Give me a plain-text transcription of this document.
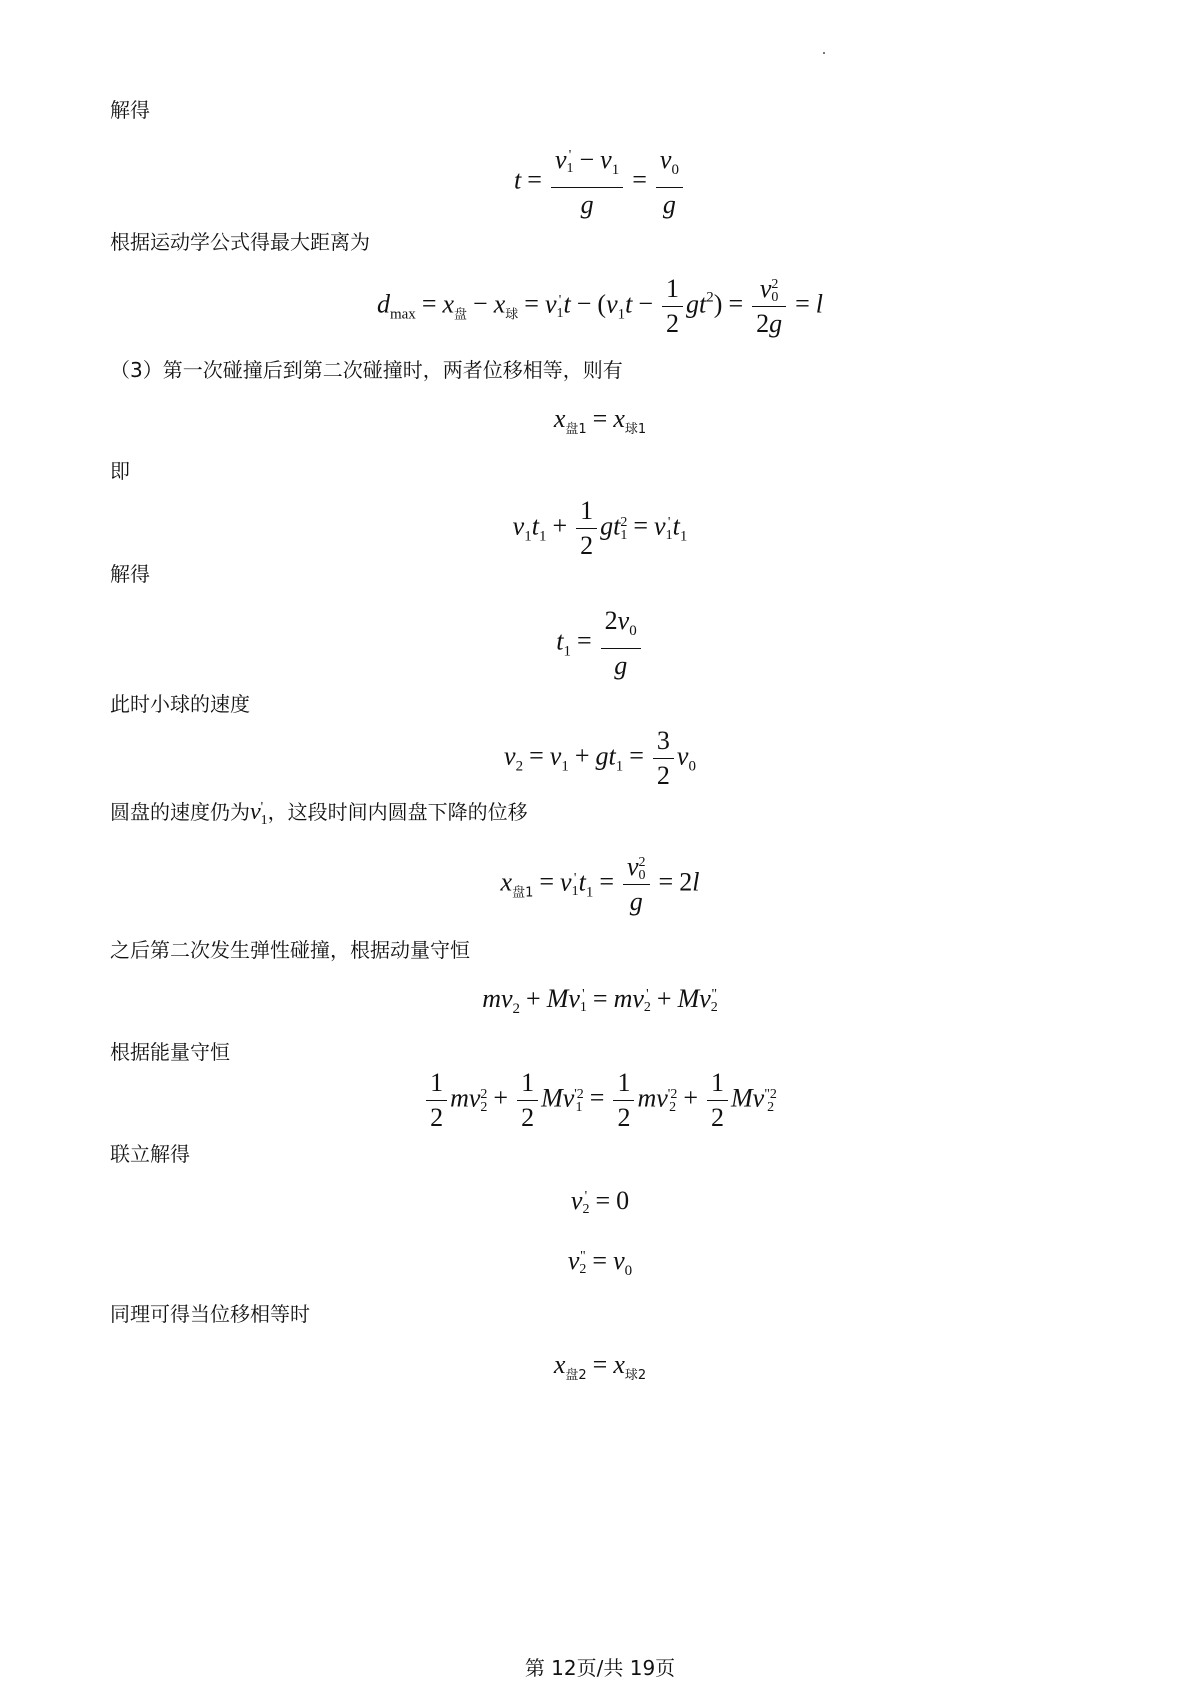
解得
t = v '
$1 - v_1$
$g = \frac{v_0}{g}$
根据运动学公式得最大距离为
$d_{max} = x_盘 - x_球 = v$ '
1 $t - (v_1t - \frac{1}{2} gt^2) = v$ 2
0
2g = l
（3）第一次碰撞后到第二次碰撞时，两者位移相等，则有
$x_{盘1} = x_{球1}$
即
$v_1t_1 + \frac{1}{2}$ gt 2
1 = v '
1 $t_1$
解得
$t_1 = \frac{2v_0}{g}$
此时小球的速度
$v_2 = v_1 + gt_1 = \frac{3}{2} v_0$
圆盘的速度仍为v '
1 ，这段时间内圆盘下降的位移
$x_{盘1} = v$ '
1 $t_1 = v$ 2
0
g = 2l
之后第二次发生弹性碰撞，根据动量守恒
$mv_2 + Mv$ '
1 = mv '
2 + Mv "
2
根据能量守恒
$\frac{1}{2}$ mv 2
$2 + \frac{1}{2}$ Mv '2
$1 = \frac{1}{2}$ mv '2
$2 + \frac{1}{2}$ Mv "2
2
联立解得
v '
2 = 0
v "
$2 = v_0$
同理可得当位移相等时
$x_{盘2} = x_{球2}$
第 12页/共 19页
